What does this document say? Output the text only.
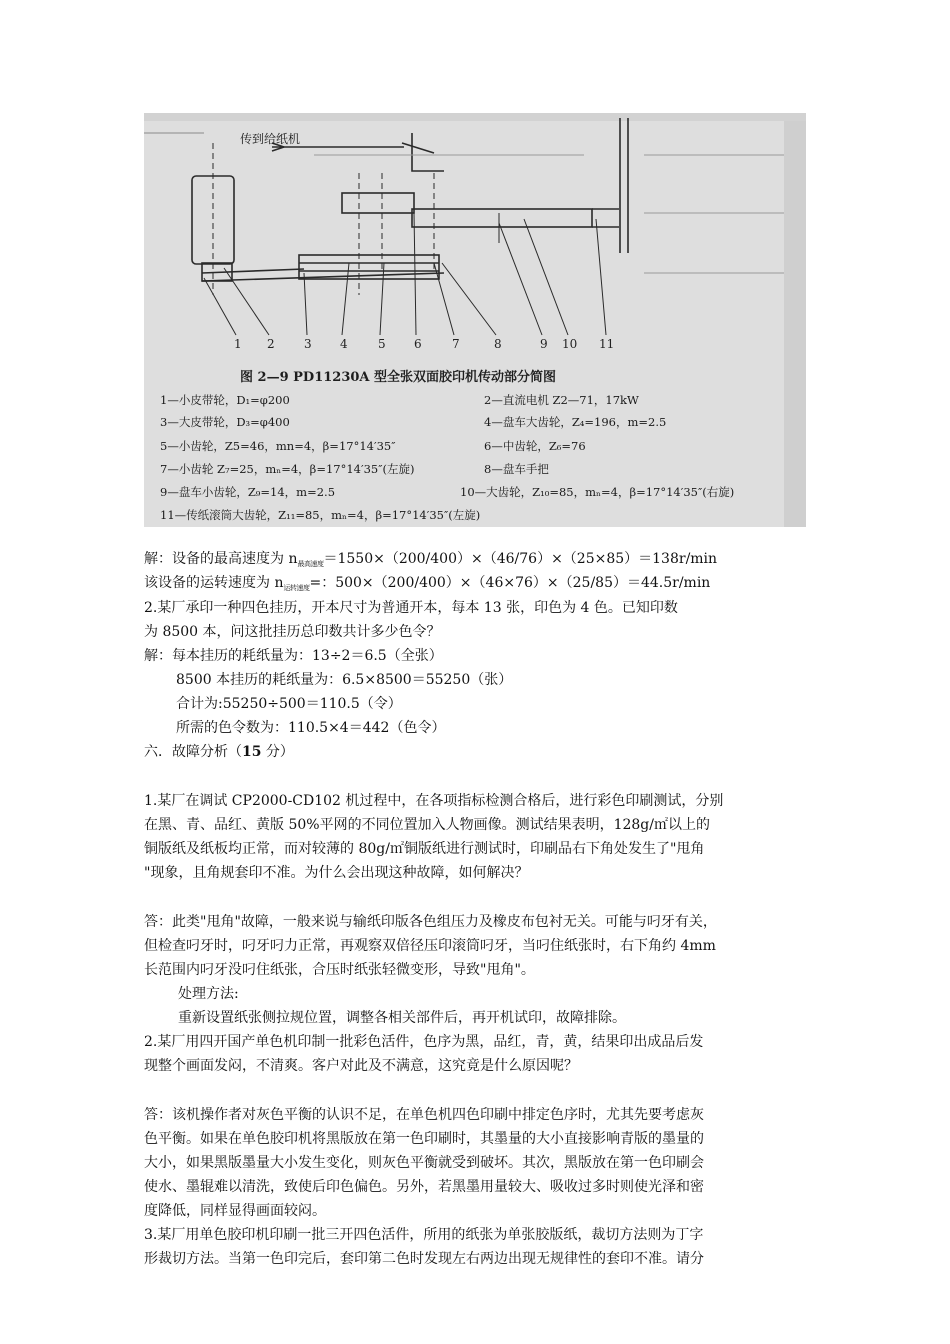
传到给纸机
1 2 3 4	5 6	7	8	9 10 11
图 2—9 PD11230A 型全张双面胶印机传动部分简图
1—小皮带轮，D₁=φ200	2—直流电机 Z2—71，17kW
3—大皮带轮，D₃=φ400	4—盘车大齿轮，Z₄=196，m=2.5
5—小齿轮，Z5=46，mn=4，β=17°14′35″	6—中齿轮，Z₆=76
7—小齿轮 Z₇=25，mₙ=4，β=17°14′35″(左旋)	8—盘车手把
9—盘车小齿轮，Z₉=14，m=2.5	10—大齿轮，Z₁₀=85，mₙ=4，β=17°14′35″(右旋)
11—传纸滚筒大齿轮，Z₁₁=85，mₙ=4，β=17°14′35″(左旋)
解：设备的最高速度为 $n_{最高速度}=1550\times(200/400)\times(46/76)\times(25\times 85)=138r/\min$
该设备的运转速度为 $n_{运转速度}=$：500×（200/400）×（46×76）×（25/85）＝44.5r/min
2.某厂承印一种四色挂历，开本尺寸为普通开本，每本 13 张，印色为 4 色。已知印数
为 8500 本，问这批挂历总印数共计多少色令？
解：每本挂历的耗纸量为：13÷2＝6.5（全张）
8500 本挂历的耗纸量为：6.5×8500＝55250（张）
合计为:55250÷500＝110.5（令）
所需的色令数为：110.5×4＝442（色令）
六．故障分析（15 分）
1.某厂在调试 CP2000-CD102 机过程中，在各项指标检测合格后，进行彩色印刷测试，分别
在黑、青、品红、黄版 50%平网的不同位置加入人物画像。测试结果表明，128g/㎡以上的
铜版纸及纸板均正常，而对较薄的 80g/㎡铜版纸进行测试时，印刷品右下角处发生了"甩角
"现象，且角规套印不准。为什么会出现这种故障，如何解决？
答：此类"甩角"故障，一般来说与输纸印版各色组压力及橡皮布包衬无关。可能与叼牙有关，
但检查叼牙时，叼牙叼力正常，再观察双倍径压印滚筒叼牙，当叼住纸张时，右下角约 4mm
长范围内叼牙没叼住纸张，合压时纸张轻微变形，导致"甩角"。
处理方法:
重新设置纸张侧拉规位置，调整各相关部件后，再开机试印，故障排除。
2.某厂用四开国产单色机印制一批彩色活件，色序为黑，品红，青，黄，结果印出成品后发
现整个画面发闷，不清爽。客户对此及不满意，这究竟是什么原因呢？
答：该机操作者对灰色平衡的认识不足，在单色机四色印刷中排定色序时，尤其先要考虑灰
色平衡。如果在单色胶印机将黑版放在第一色印刷时，其墨量的大小直接影响青版的墨量的
大小，如果黑版墨量大小发生变化，则灰色平衡就受到破坏。其次，黑版放在第一色印刷会
使水、墨辊难以清洗，致使后印色偏色。另外，若黑墨用量较大、吸收过多时则使光泽和密
度降低，同样显得画面较闷。
3.某厂用单色胶印机印刷一批三开四色活件，所用的纸张为单张胶版纸，裁切方法则为丁字
形裁切方法。当第一色印完后，套印第二色时发现左右两边出现无规律性的套印不准。请分
